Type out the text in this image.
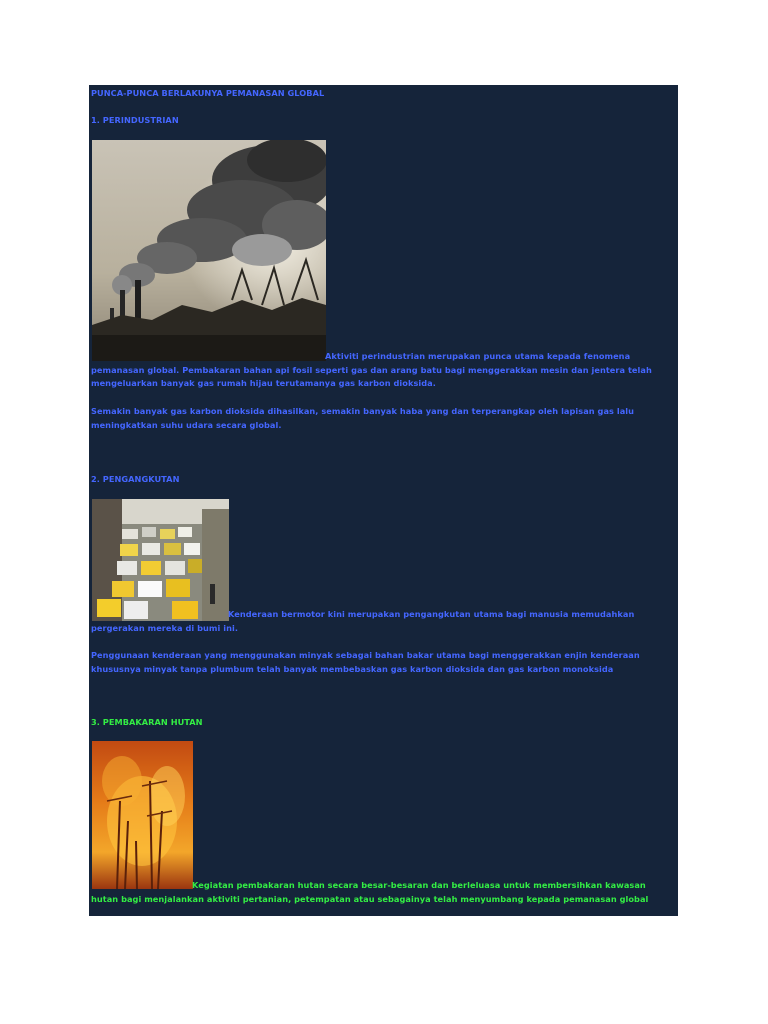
PUNCA-PUNCA BERLAKUNYA PEMANASAN GLOBAL
1. PERINDUSTRIAN
Aktiviti perindustrian merupakan punca utama kepada fenomena pemanasan global. Pembakaran bahan api fosil seperti gas dan arang batu bagi menggerakkan mesin dan jentera telah mengeluarkan banyak gas rumah hijau terutamanya gas karbon dioksida.
Semakin banyak gas karbon dioksida dihasilkan, semakin banyak haba yang dan terperangkap oleh lapisan gas lalu meningkatkan suhu udara secara global.
2. PENGANGKUTAN
Kenderaan bermotor kini merupakan pengangkutan utama bagi manusia memudahkan pergerakan mereka di bumi ini.
Penggunaan kenderaan yang menggunakan minyak sebagai bahan bakar utama bagi menggerakkan enjin kenderaan khususnya minyak tanpa plumbum telah banyak membebaskan gas karbon dioksida dan gas karbon monoksida
3. PEMBAKARAN HUTAN
Kegiatan pembakaran hutan secara besar-besaran dan berleluasa untuk membersihkan kawasan hutan bagi menjalankan aktiviti pertanian, petempatan atau sebagainya telah menyumbang kepada pemanasan global
